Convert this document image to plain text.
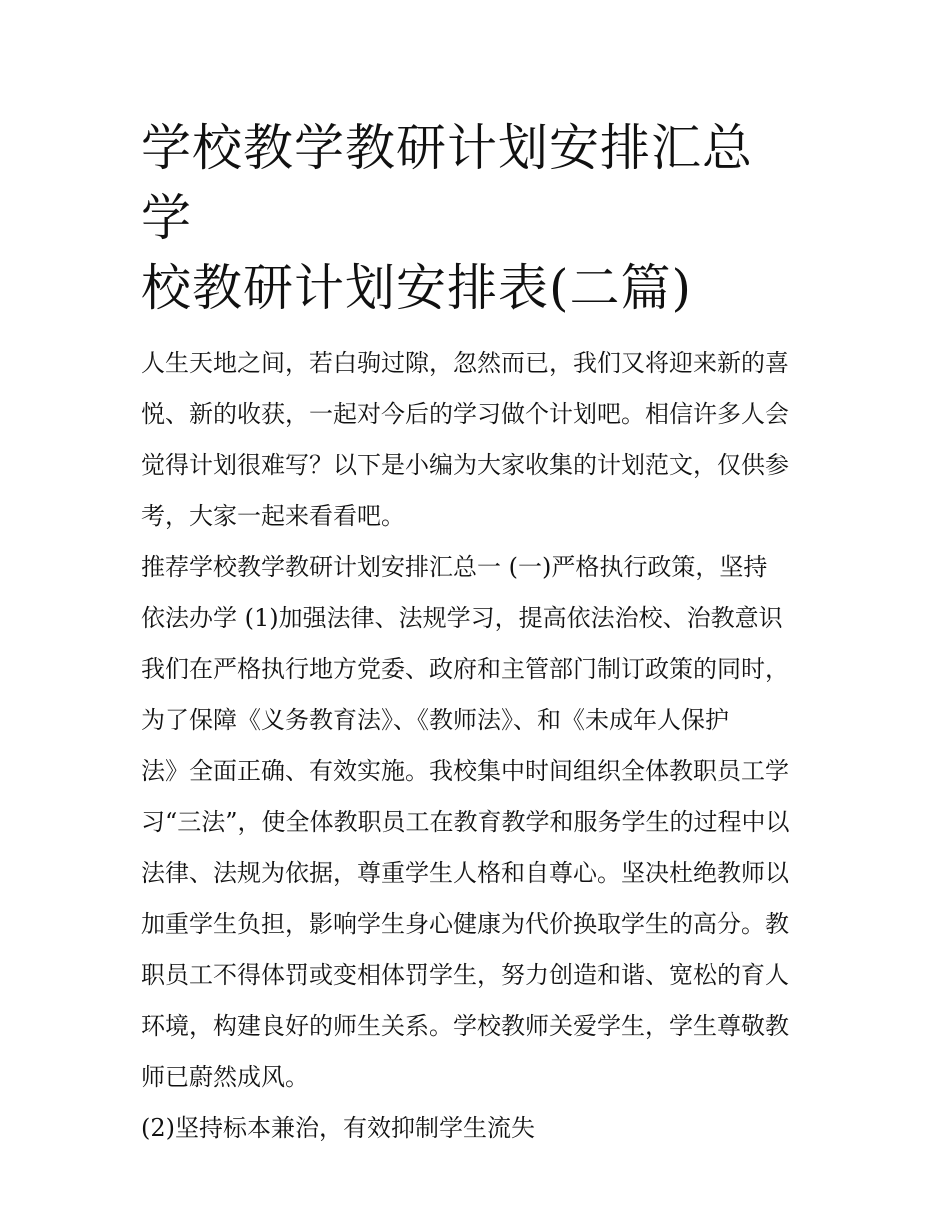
学校教学教研计划安排汇总 学
校教研计划安排表(二篇)
人生天地之间，若白驹过隙，忽然而已，我们又将迎来新的喜
悦、新的收获，一起对今后的学习做个计划吧。相信许多人会
觉得计划很难写？以下是小编为大家收集的计划范文，仅供参
考，大家一起来看看吧。
推荐学校教学教研计划安排汇总一 (一)严格执行政策，坚持
依法办学 (1)加强法律、法规学习，提高依法治校、治教意识
我们在严格执行地方党委、政府和主管部门制订政策的同时，
为了保障《义务教育法》、《教师法》、和《未成年人保护
法》全面正确、有效实施。我校集中时间组织全体教职员工学
习“三法”，使全体教职员工在教育教学和服务学生的过程中以
法律、法规为依据，尊重学生人格和自尊心。坚决杜绝教师以
加重学生负担，影响学生身心健康为代价换取学生的高分。教
职员工不得体罚或变相体罚学生，努力创造和谐、宽松的育人
环境，构建良好的师生关系。学校教师关爱学生，学生尊敬教
师已蔚然成风。
(2)坚持标本兼治，有效抑制学生流失
